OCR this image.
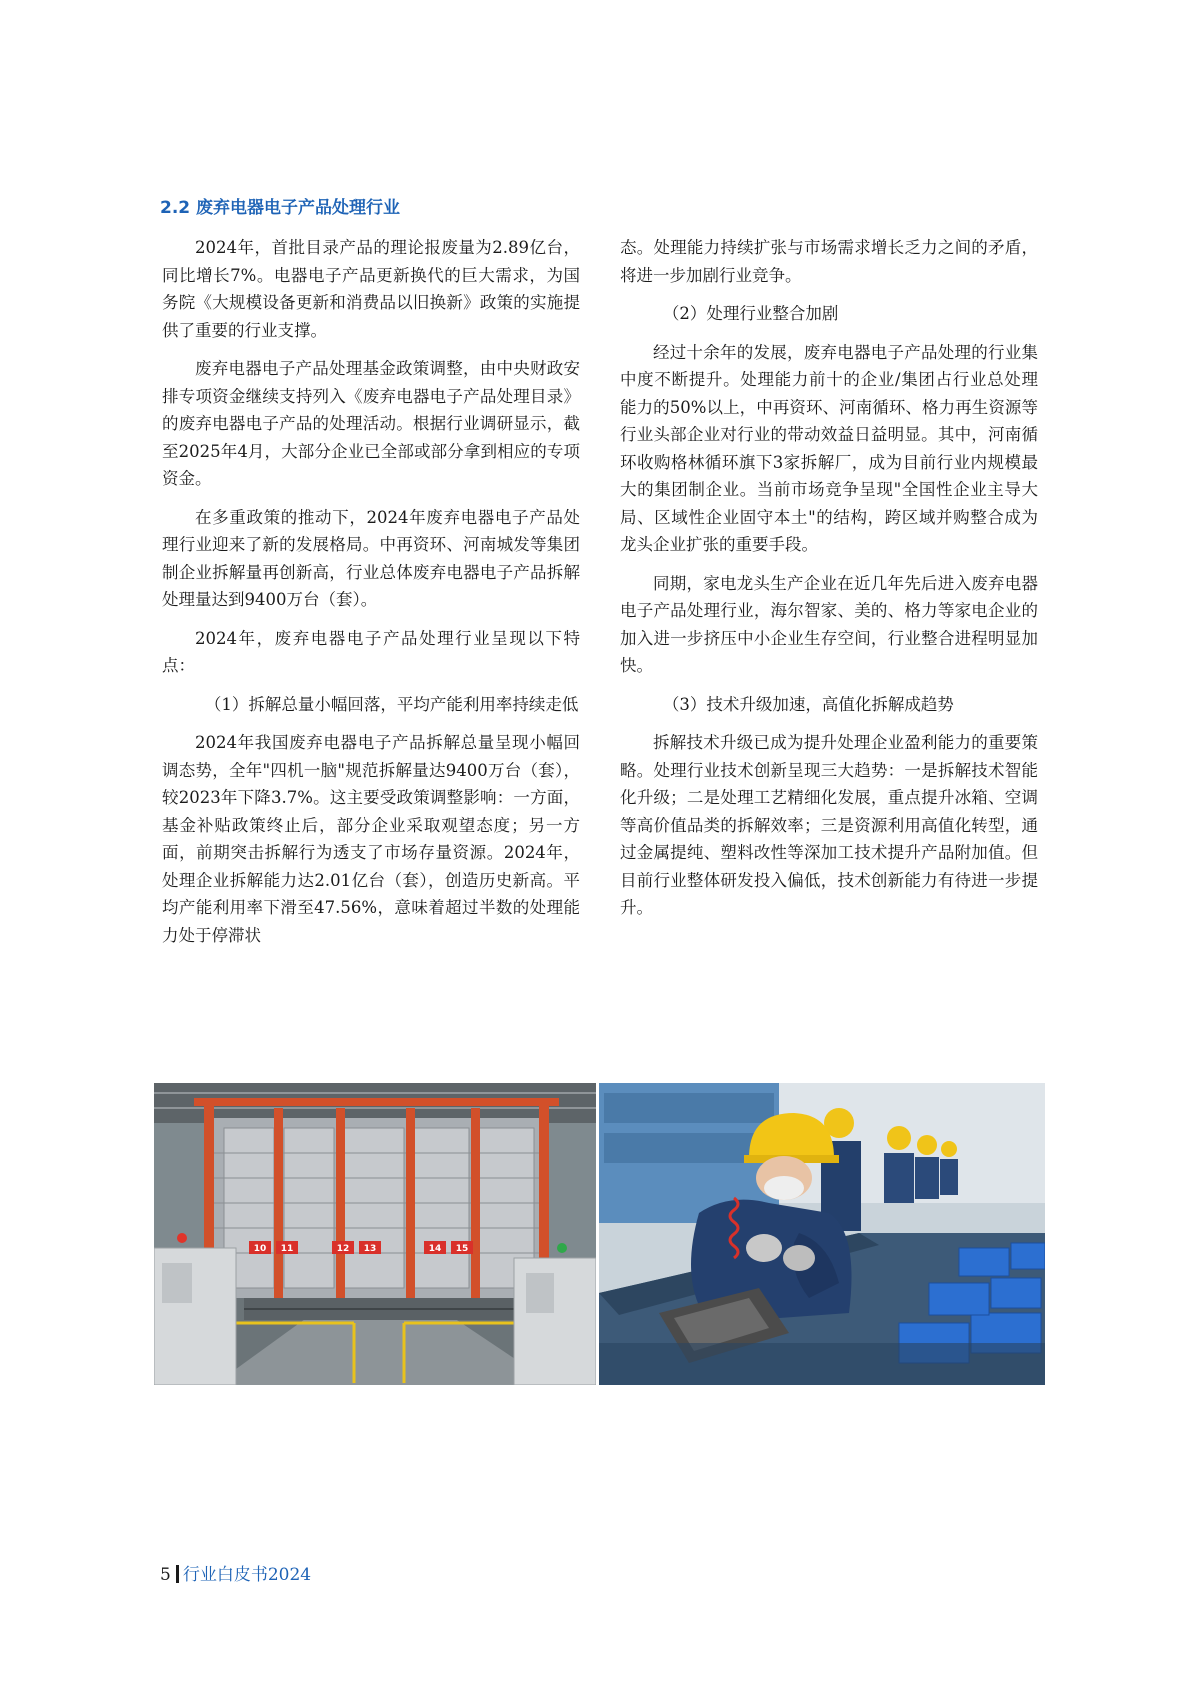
2.2 废弃电器电子产品处理行业

2024年，首批目录产品的理论报废量为2.89亿台，同比增长7%。电器电子产品更新换代的巨大需求，为国务院《大规模设备更新和消费品以旧换新》政策的实施提供了重要的行业支撑。

废弃电器电子产品处理基金政策调整，由中央财政安排专项资金继续支持列入《废弃电器电子产品处理目录》的废弃电器电子产品的处理活动。根据行业调研显示，截至2025年4月，大部分企业已全部或部分拿到相应的专项资金。

在多重政策的推动下，2024年废弃电器电子产品处理行业迎来了新的发展格局。中再资环、河南城发等集团制企业拆解量再创新高，行业总体废弃电器电子产品拆解处理量达到9400万台（套）。

2024年，废弃电器电子产品处理行业呈现以下特点：

（1）拆解总量小幅回落，平均产能利用率持续走低

2024年我国废弃电器电子产品拆解总量呈现小幅回调态势，全年"四机一脑"规范拆解量达9400万台（套），较2023年下降3.7%。这主要受政策调整影响：一方面，基金补贴政策终止后，部分企业采取观望态度；另一方面，前期突击拆解行为透支了市场存量资源。2024年，处理企业拆解能力达2.01亿台（套），创造历史新高。平均产能利用率下滑至47.56%，意味着超过半数的处理能力处于停滞状

态。处理能力持续扩张与市场需求增长乏力之间的矛盾，将进一步加剧行业竞争。

（2）处理行业整合加剧

经过十余年的发展，废弃电器电子产品处理的行业集中度不断提升。处理能力前十的企业/集团占行业总处理能力的50%以上，中再资环、河南循环、格力再生资源等行业头部企业对行业的带动效益日益明显。其中，河南循环收购格林循环旗下3家拆解厂，成为目前行业内规模最大的集团制企业。当前市场竞争呈现"全国性企业主导大局、区域性企业固守本土"的结构，跨区域并购整合成为龙头企业扩张的重要手段。

同期，家电龙头生产企业在近几年先后进入废弃电器电子产品处理行业，海尔智家、美的、格力等家电企业的加入进一步挤压中小企业生存空间，行业整合进程明显加快。

（3）技术升级加速，高值化拆解成趋势

拆解技术升级已成为提升处理企业盈利能力的重要策略。处理行业技术创新呈现三大趋势：一是拆解技术智能化升级；二是处理工艺精细化发展，重点提升冰箱、空调等高价值品类的拆解效率；三是资源利用高值化转型，通过金属提纯、塑料改性等深加工技术提升产品附加值。但目前行业整体研发投入偏低，技术创新能力有待进一步提升。

10 11	12 13	14 15
5 行业白皮书2024
